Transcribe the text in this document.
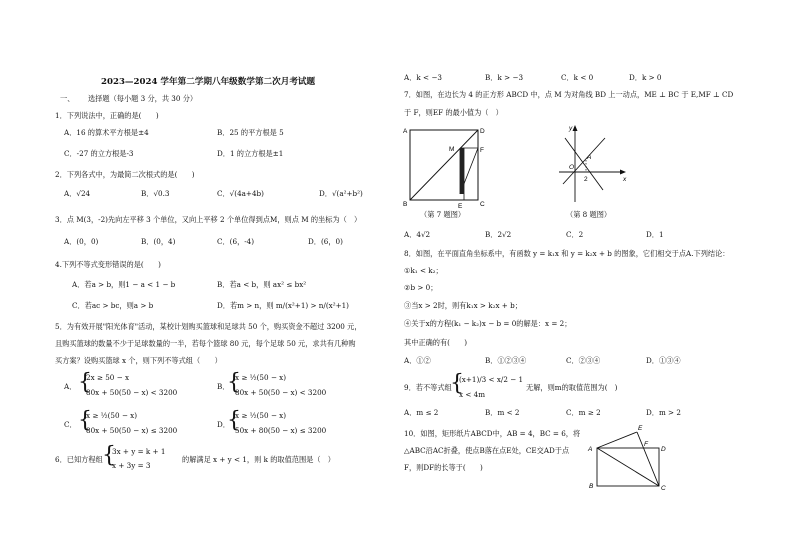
2023—2024 学年第二学期八年级数学第二次月考试题
一、 选择题（每小题 3 分，共 30 分）
1．下列说法中，正确的是(　　)
A．16 的算术平方根是±4	B．25 的平方根是 5
C．-27 的立方根是-3	D．1 的立方根是±1
2．下列各式中，为最简二次根式的是(　　)
A．√24	B．√0.3	C．√(4a+4b)	D．√(a²+b²)
3．点 M(3，-2)先向左平移 3 个单位，又向上平移 2 个单位得到点M，则点 M 的坐标为（　）
A．(0，0)	B．(0，4)	C．(6，-4)	D．(6，0)
4.下列不等式变形错误的是(　　)
A．若a > b，则1 − a < 1 − b	B．若a < b，则 ax² ≤ bx²
C．若ac > bc，则a > b	D．若m > n，则 m/(x²+1) > n/(x²+1)
5．为有效开展"阳光体育"活动，某校计划购买篮球和足球共 50 个，购买资金不超过 3200 元，
且购买篮球的数量不少于足球数量的一半，若每个篮球 80 元，每个足球 50 元，求共有几种购
买方案？设购买篮球 x 个，则下列不等式组（　　）
A． {
2x ≥ 50 − x
80x + 50(50 − x) < 3200
B．
{
x ≥ ½(50 − x)
80x + 50(50 − x) < 3200
C． {
x ≥ ½(50 − x)
80x + 50(50 − x) ≤ 3200
D．
{
x ≥ ½(50 − x)
50x + 80(50 − x) ≤ 3200
6．已知方程组 {
3x + y = k + 1
x + 3y = 3
的解满足 x + y < 1，则 k 的取值范围是（　）
A．k < −3	B．k > −3	C．k < 0	D．k > 0
7．如图，在边长为 4 的正方形 ABCD 中，点 M 为对角线 BD 上一动点，ME ⊥ BC 于 E,MF ⊥ CD
于 F，则EF 的最小值为（　）
A	D
M	F
B	E	C
（第 7 题图）
y
x
O
A
2
（第 8 题图）
A．4√2	B．2√2	C．2	D．1
8．如图，在平面直角坐标系中，有函数 y = k₁x 和 y = k₂x + b 的图象，它们相交于点A.下列结论：
①k₁ < k₂；
②b > 0；
③当x > 2时，则有k₁x > k₂x + b；
④关于x的方程(k₁ − k₂)x − b = 0的解是：x = 2；
其中正确的有(　　)
A．①②	B．①②③④	C．②③④	D．①③④
9．若不等式组
{
(x+1)/3 < x/2 − 1
x < 4m
无解，则m的取值范围为(　)
A．m ≤ 2	B．m < 2	C．m ≥ 2	D．m > 2
10．如图，矩形纸片ABCD中，AB = 4，BC = 6，将
△ABC沿AC折叠，使点B落在点E处，CE交AD于点
F，则DF的长等于(　　)
A	D
B	C
E
F
